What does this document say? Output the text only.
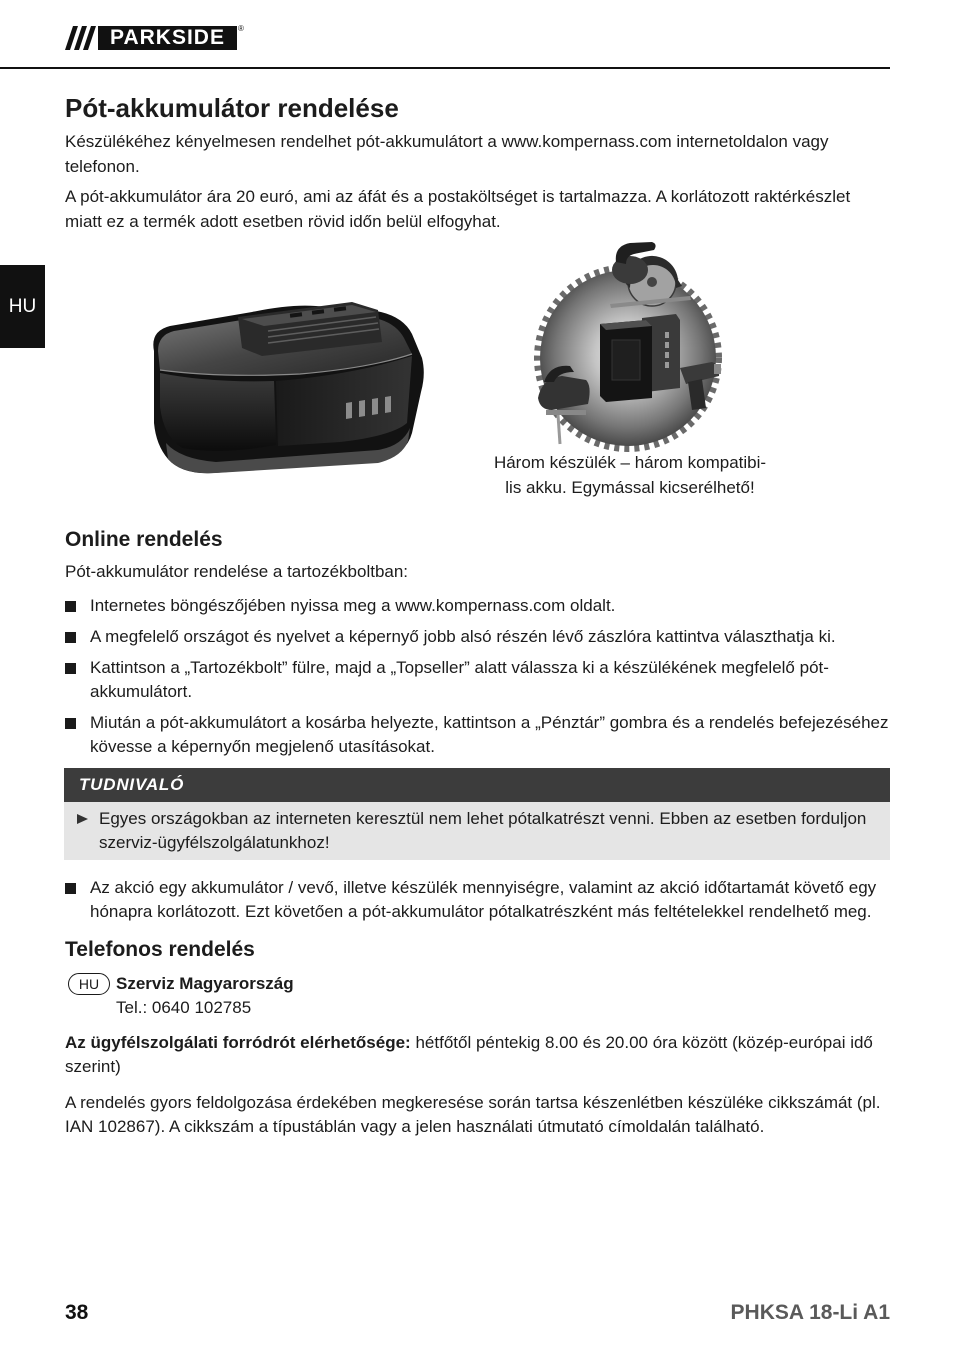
PARKSIDE	®
HU
Pót-akkumulátor rendelése

Készülékéhez kényelmesen rendelhet pót-akkumulátort a www.kompernass.com internetoldalon vagy telefonon.

A pót-akkumulátor ára 20 euró, ami az áfát és a postaköltséget is tartalmazza. A korlátozott raktérkészlet miatt ez a termék adott esetben rövid időn belül elfogyhat.

Három készülék – három kompatibi-
lis akku. Egymással kicserélhető!
Online rendelés

Pót-akkumulátor rendelése a tartozékboltban:

Internetes böngészőjében nyissa meg a www.kompernass.com oldalt.
A megfelelő országot és nyelvet a képernyő jobb alsó részén lévő zászlóra kattintva választhatja ki.
Kattintson a „Tartozékbolt” fülre, majd a „Topseller” alatt válassza ki a készülékének megfelelő pót-akkumulátort.
Miután a pót-akkumulátort a kosárba helyezte, kattintson a „Pénztár” gombra és a rendelés befejezéséhez kövesse a képernyőn megjelenő utasításokat.
TUDNIVALÓ
Egyes országokban az interneten keresztül nem lehet pótalkatrészt venni. Ebben az esetben forduljon szerviz-ügyfélszolgálatunkhoz!
Az akció egy akkumulátor / vevő, illetve készülék mennyiségre, valamint az akció időtartamát követő egy hónapra korlátozott. Ezt követően a pót-akkumulátor pótalkatrészként más feltételekkel rendelhető meg.
Telefonos rendelés
HU Szerviz Magyarország
Tel.: 0640 102785

Az ügyfélszolgálati forródrót elérhetősége: hétfőtől péntekig 8.00 és 20.00 óra között (közép-európai idő szerint)

A rendelés gyors feldolgozása érdekében megkeresése során tartsa készenlétben készüléke cikkszámát (pl. IAN 102867). A cikkszám a típustáblán vagy a jelen használati útmutató címoldalán található.

38	PHKSA 18-Li A1
